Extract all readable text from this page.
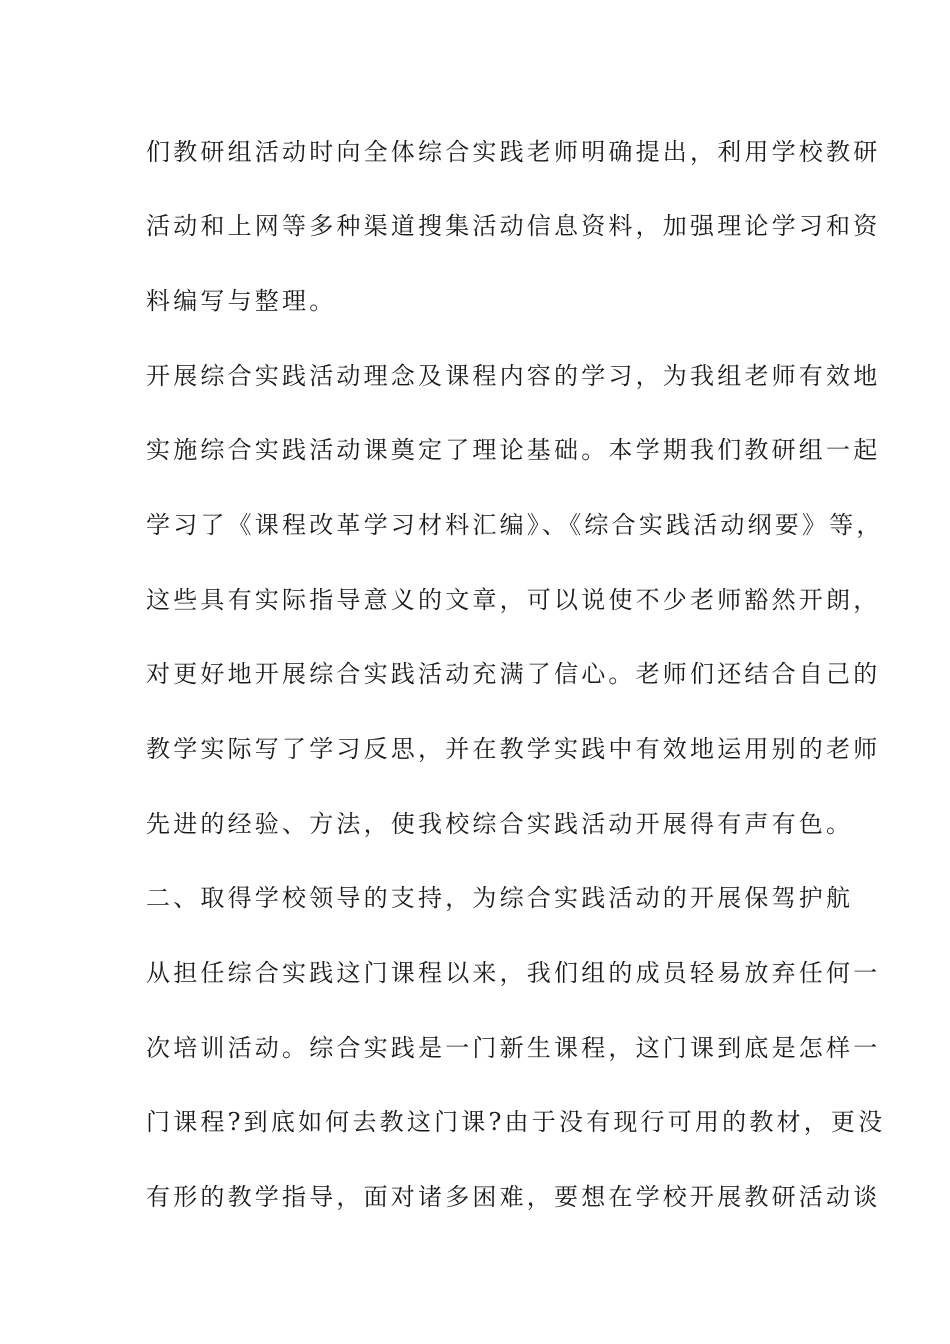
们教研组活动时向全体综合实践老师明确提出，利用学校教研
活动和上网等多种渠道搜集活动信息资料，加强理论学习和资
料编写与整理。
开展综合实践活动理念及课程内容的学习，为我组老师有效地
实施综合实践活动课奠定了理论基础。本学期我们教研组一起
学习了《课程改革学习材料汇编》、《综合实践活动纲要》等，
这些具有实际指导意义的文章，可以说使不少老师豁然开朗，
对更好地开展综合实践活动充满了信心。老师们还结合自己的
教学实际写了学习反思，并在教学实践中有效地运用别的老师
先进的经验、方法，使我校综合实践活动开展得有声有色。
二、取得学校领导的支持，为综合实践活动的开展保驾护航
从担任综合实践这门课程以来，我们组的成员轻易放弃任何一
次培训活动。综合实践是一门新生课程，这门课到底是怎样一
门课程?到底如何去教这门课?由于没有现行可用的教材，更没
有形的教学指导，面对诸多困难，要想在学校开展教研活动谈
